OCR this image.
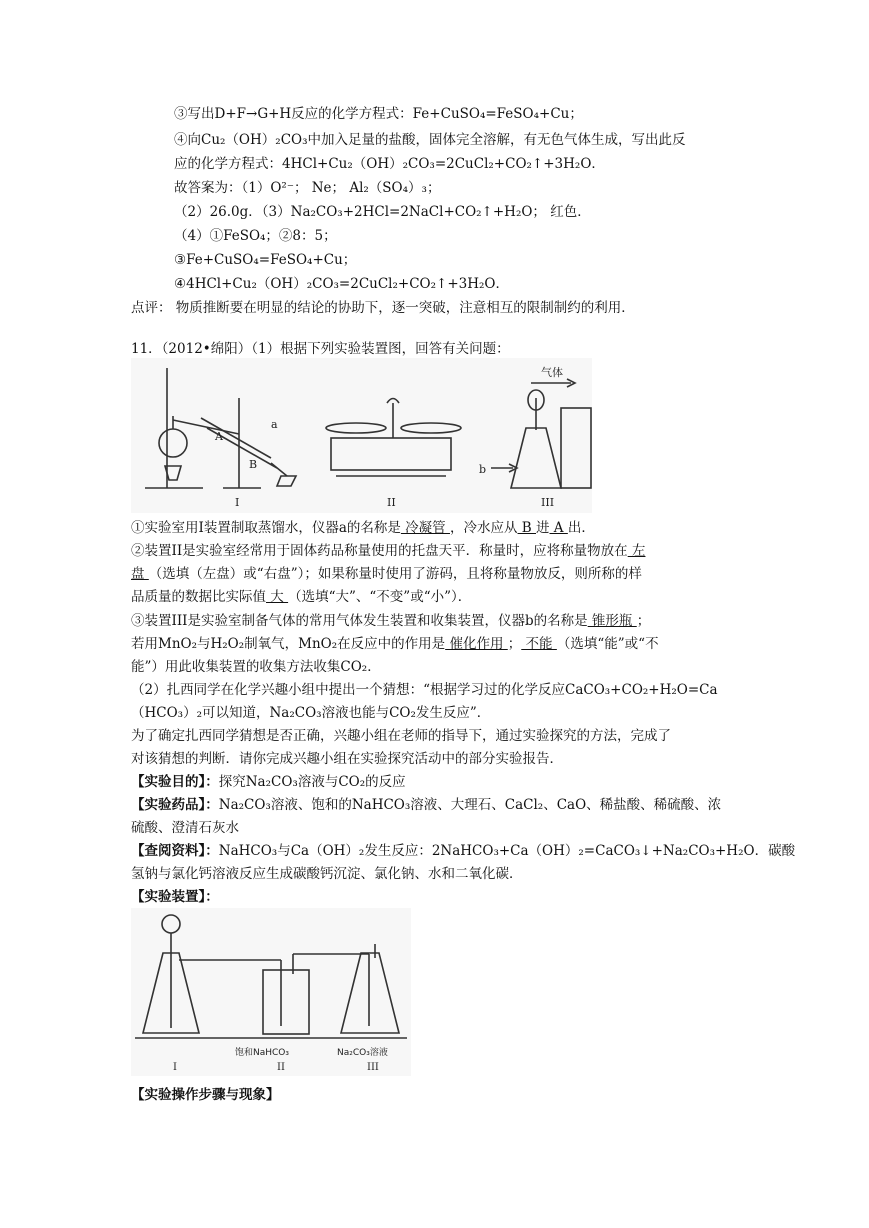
③写出D+F→G+H反应的化学方程式：Fe+CuSO₄=FeSO₄+Cu；
④向Cu₂（OH）₂CO₃中加入足量的盐酸，固体完全溶解，有无色气体生成，写出此反
应的化学方程式：4HCl+Cu₂（OH）₂CO₃=2CuCl₂+CO₂↑+3H₂O．
故答案为：（1）O²⁻； Ne； Al₂（SO₄）₃；
（2）26.0g．（3）Na₂CO₃+2HCl=2NaCl+CO₂↑+H₂O； 红色．
（4）①FeSO₄；②8：5；
③Fe+CuSO₄=FeSO₄+Cu；
④4HCl+Cu₂（OH）₂CO₃=2CuCl₂+CO₂↑+3H₂O．
点评： 物质推断要在明显的结论的协助下，逐一突破，注意相互的限制制约的利用．
11．（2012•绵阳）（1）根据下列实验装置图，回答有关问题：
A
a
B
I	II
b
气体
III
①实验室用Ⅰ装置制取蒸馏水，仪器a的名称是 冷凝管 ，冷水应从 B 进 A 出．
②装置II是实验室经常用于固体药品称量使用的托盘天平．称量时，应将称量物放在 左
盘 （选填（左盘）或“右盘”）；如果称量时使用了游码，且将称量物放反，则所称的样
品质量的数据比实际值 大 （选填“大”、“不变”或“小”）．
③装置III是实验室制备气体的常用气体发生装置和收集装置，仪器b的名称是 锥形瓶 ；
若用MnO₂与H₂O₂制氧气，MnO₂在反应中的作用是 催化作用 ； 不能 （选填“能”或“不
能”）用此收集装置的收集方法收集CO₂．
（2）扎西同学在化学兴趣小组中提出一个猜想：“根据学习过的化学反应CaCO₃+CO₂+H₂O=Ca
（HCO₃）₂可以知道，Na₂CO₃溶液也能与CO₂发生反应”．
为了确定扎西同学猜想是否正确，兴趣小组在老师的指导下，通过实验探究的方法，完成了
对该猜想的判断．请你完成兴趣小组在实验探究活动中的部分实验报告．
【实验目的】：探究Na₂CO₃溶液与CO₂的反应
【实验药品】：Na₂CO₃溶液、饱和的NaHCO₃溶液、大理石、CaCl₂、CaO、稀盐酸、稀硫酸、浓
硫酸、澄清石灰水
【查阅资料】：NaHCO₃与Ca（OH）₂发生反应：2NaHCO₃+Ca（OH）₂=CaCO₃↓+Na₂CO₃+H₂O．碳酸
氢钠与氯化钙溶液反应生成碳酸钙沉淀、氯化钠、水和二氧化碳．
【实验装置】：
饱和NaHCO₃	Na₂CO₃溶液
I	II	III
【实验操作步骤与现象】
